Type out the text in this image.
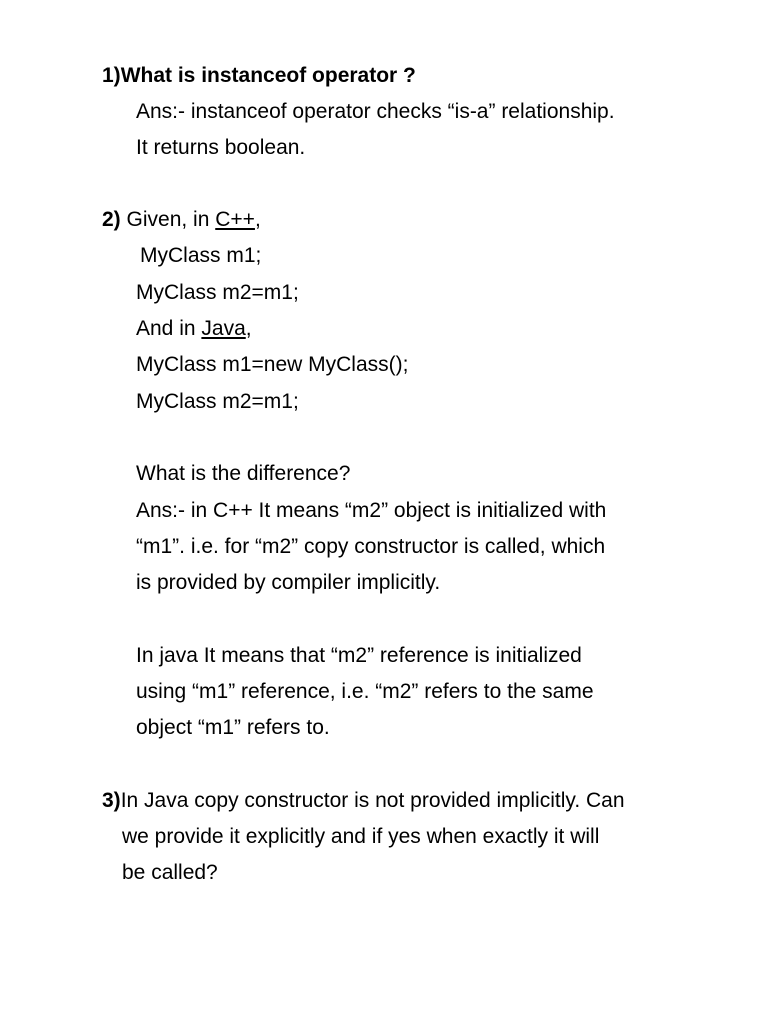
1)What is instanceof operator ?
Ans:- instanceof operator checks “is-a” relationship.
It returns boolean.
2) Given, in C++,
MyClass m1;
MyClass m2=m1;
And in Java,
MyClass m1=new MyClass();
MyClass m2=m1;
What is the difference?
Ans:- in C++ It means “m2” object is initialized with
“m1”. i.e. for “m2” copy constructor is called, which
is provided by compiler implicitly.
In java It means that “m2” reference is initialized
using “m1” reference, i.e. “m2” refers to the same
object “m1” refers to.
3)In Java copy constructor is not provided implicitly. Can
we provide it explicitly and if yes when exactly it will
be called?
